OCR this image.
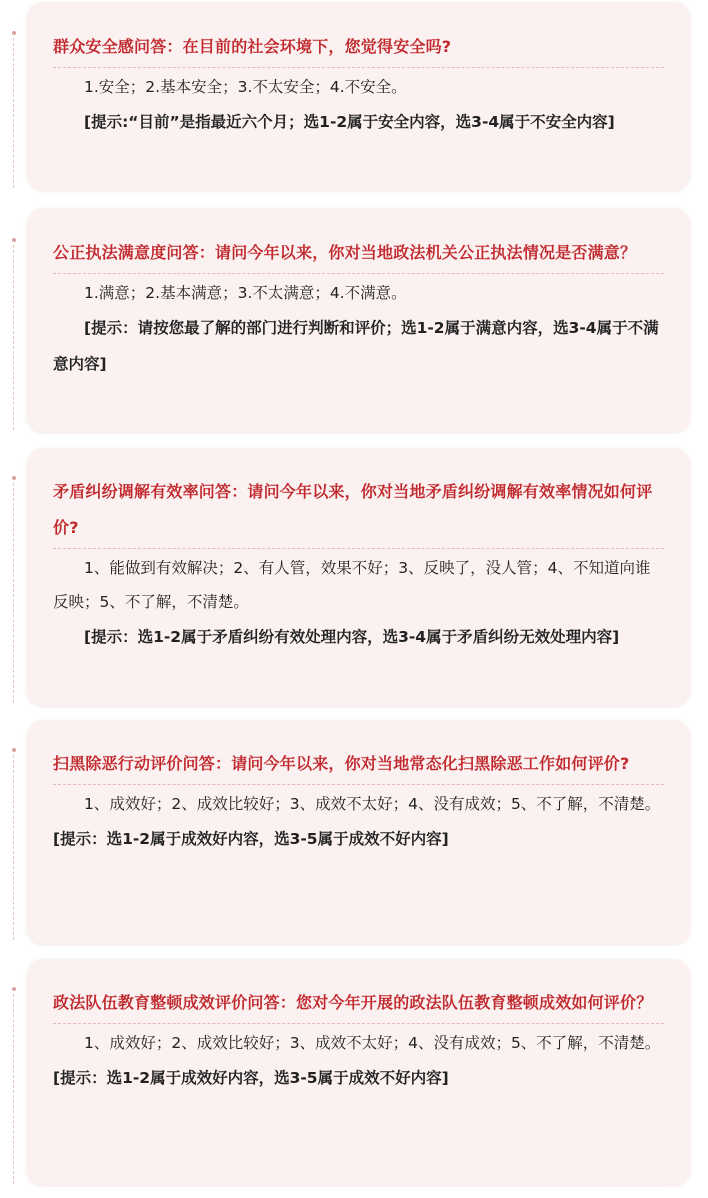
群众安全感问答：在目前的社会环境下，您觉得安全吗?

1.安全；2.基本安全；3.不太安全；4.不安全。

[提示:“目前”是指最近六个月；选1-2属于安全内容，选3-4属于不安全内容]

公正执法满意度问答：请问今年以来，你对当地政法机关公正执法情况是否满意？

1.满意；2.基本满意；3.不太满意；4.不满意。

[提示：请按您最了解的部门进行判断和评价；选1-2属于满意内容，选3-4属于不满意内容]

矛盾纠纷调解有效率问答：请问今年以来，你对当地矛盾纠纷调解有效率情况如何评价?

1、能做到有效解决；2、有人管，效果不好；3、反映了，没人管；4、不知道向谁反映；5、不了解，不清楚。

[提示：选1-2属于矛盾纠纷有效处理内容，选3-4属于矛盾纠纷无效处理内容]

扫黑除恶行动评价问答：请问今年以来，你对当地常态化扫黑除恶工作如何评价?

1、成效好；2、成效比较好；3、成效不太好；4、没有成效；5、不了解，不清楚。

[提示：选1-2属于成效好内容，选3-5属于成效不好内容]

政法队伍教育整顿成效评价问答：您对今年开展的政法队伍教育整顿成效如何评价？

1、成效好；2、成效比较好；3、成效不太好；4、没有成效；5、不了解，不清楚。

[提示：选1-2属于成效好内容，选3-5属于成效不好内容]
